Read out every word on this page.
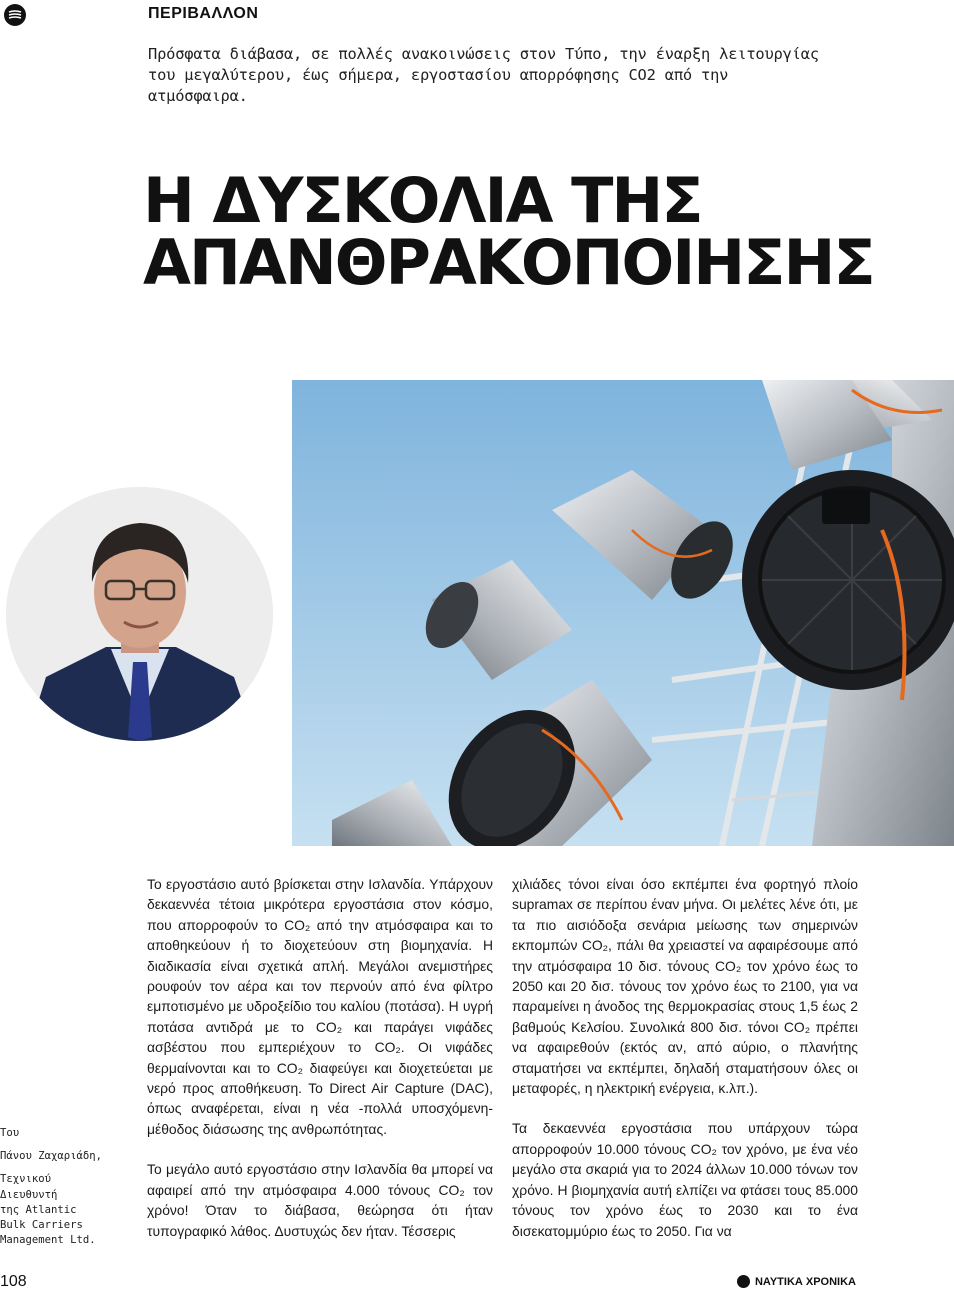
ΠΕΡΙΒΑΛΛΟΝ

Πρόσφατα διάβασα, σε πολλές ανακοινώσεις στον Τύπο, την έναρξη λειτουργίας του μεγαλύτερου, έως σήμερα, εργοστασίου απορρόφησης CO2 από την ατμόσφαιρα.

Η ΔΥΣΚΟΛΙΑ ΤΗΣ
ΑΠΑΝΘΡΑΚΟΠΟΙΗΣΗΣ
Του
Πάνου Ζαχαριάδη,
Τεχνικού
Διευθυντή
της Atlantic
Bulk Carriers
Management Ltd.

Το εργοστάσιο αυτό βρίσκεται στην Ισλανδία. Υπάρχουν δεκαεννέα τέτοια μικρότερα εργοστάσια στον κόσμο, που απορροφούν το CO₂ από την ατμόσφαιρα και το αποθηκεύουν ή το διοχετεύουν στη βιομηχανία. Η διαδικασία είναι σχετικά απλή. Μεγάλοι ανεμιστήρες ρουφούν τον αέρα και τον περνούν από ένα φίλτρο εμποτισμένο με υδροξείδιο του καλίου (ποτάσα). Η υγρή ποτάσα αντιδρά με το CO₂ και παράγει νιφάδες ασβέστου που εμπεριέχουν το CO₂. Οι νιφάδες θερμαίνονται και το CO₂ διαφεύγει και διοχετεύεται με νερό προς αποθήκευση. Το Direct Air Capture (DAC), όπως αναφέρεται, είναι η νέα -πολλά υποσχόμενη- μέθοδος διάσωσης της ανθρωπότητας.

Το μεγάλο αυτό εργοστάσιο στην Ισλανδία θα μπορεί να αφαιρεί από την ατμόσφαιρα 4.000 τόνους CO₂ τον χρόνο! Όταν το διάβασα, θεώρησα ότι ήταν τυπογραφικό λάθος. Δυστυχώς δεν ήταν. Τέσσερις

χιλιάδες τόνοι είναι όσο εκπέμπει ένα φορτηγό πλοίο supramax σε περίπου έναν μήνα. Οι μελέτες λένε ότι, με τα πιο αισιόδοξα σενάρια μείωσης των σημερινών εκπομπών CO₂, πάλι θα χρειαστεί να αφαιρέσουμε από την ατμόσφαιρα 10 δισ. τόνους CO₂ τον χρόνο έως το 2050 και 20 δισ. τόνους τον χρόνο έως το 2100, για να παραμείνει η άνοδος της θερμοκρασίας στους 1,5 έως 2 βαθμούς Κελσίου. Συνολικά 800 δισ. τόνοι CO₂ πρέπει να αφαιρεθούν (εκτός αν, από αύριο, ο πλανήτης σταματήσει να εκπέμπει, δηλαδή σταματήσουν όλες οι μεταφορές, η ηλεκτρική ενέργεια, κ.λπ.).

Τα δεκαεννέα εργοστάσια που υπάρχουν τώρα απορροφούν 10.000 τόνους CO₂ τον χρόνο, με ένα νέο μεγάλο στα σκαριά για το 2024 άλλων 10.000 τόνων τον χρόνο. Η βιομηχανία αυτή ελπίζει να φτάσει τους 85.000 τόνους τον χρόνο έως το 2030 και το ένα δισεκατομμύριο έως το 2050. Για να

108	ΝΑΥΤΙΚΑ ΧΡΟΝΙΚΑ
